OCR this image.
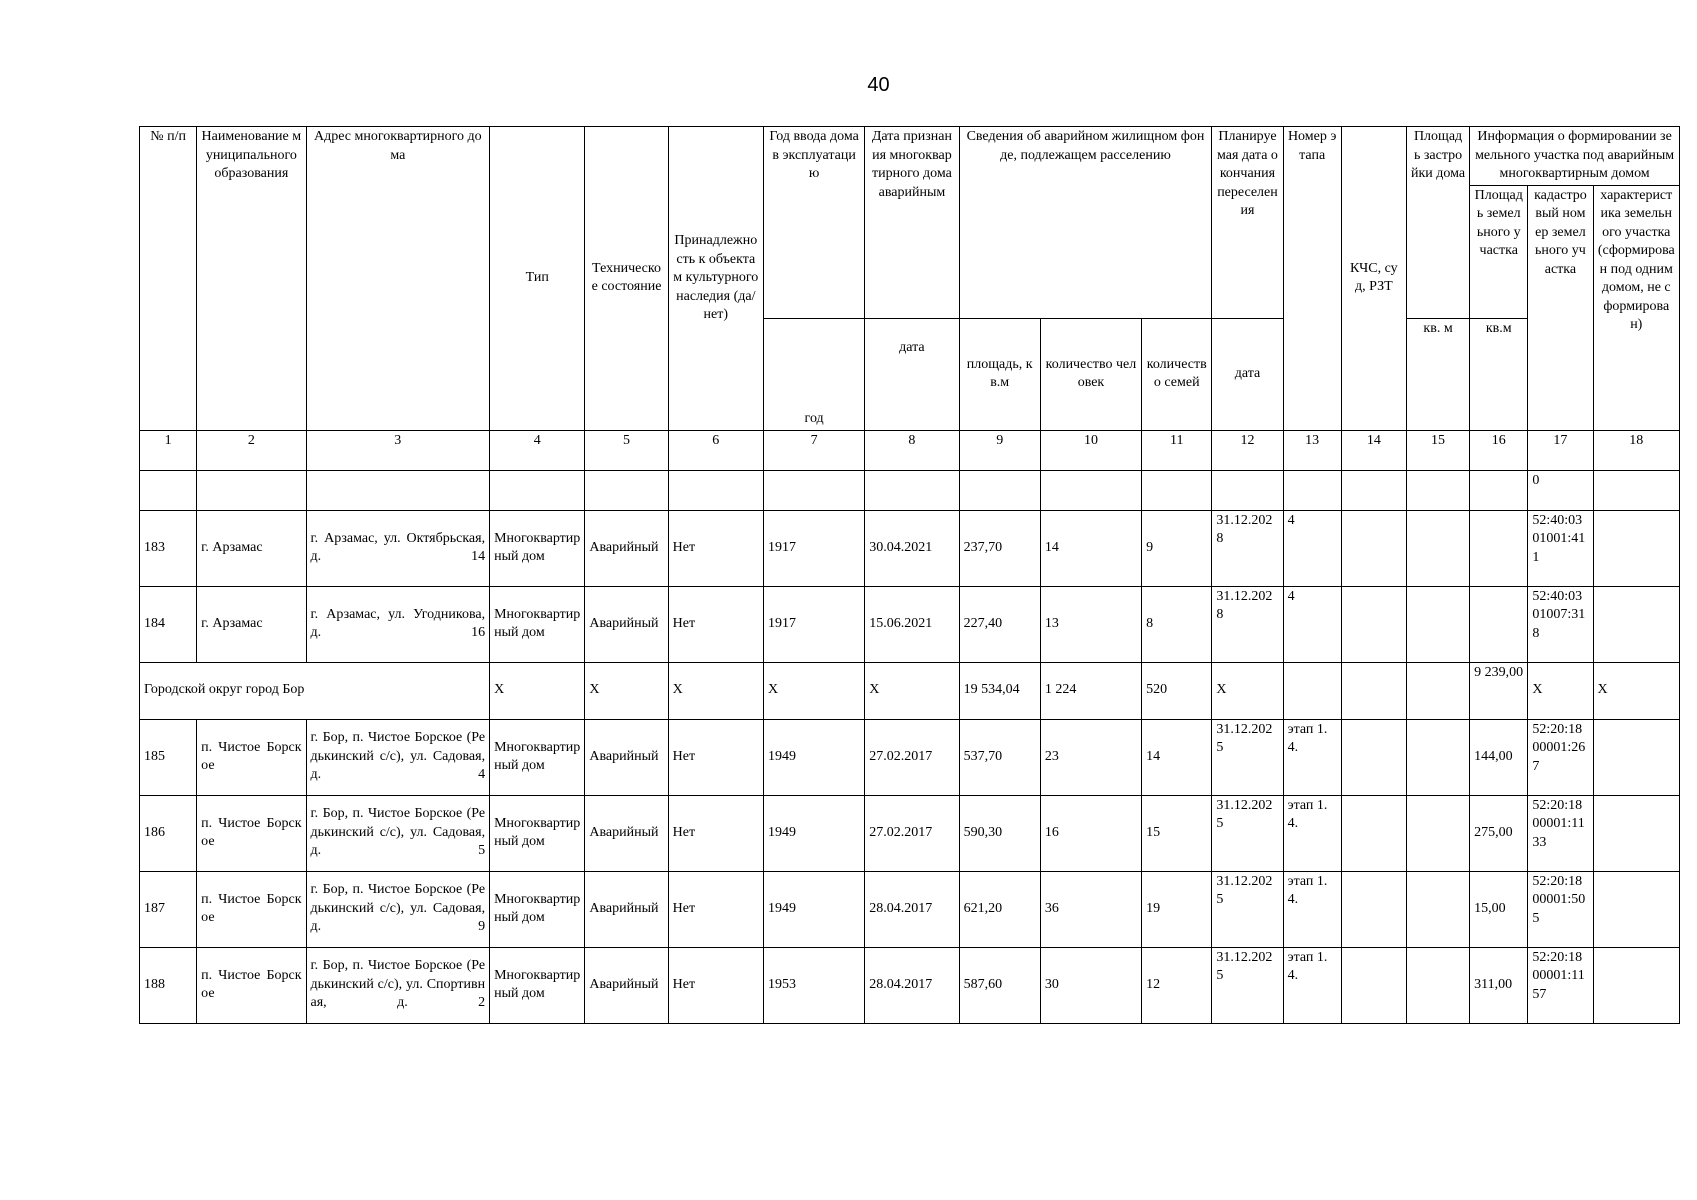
40
№ п/п	Наименование муниципального образования	Адрес многоквартирного дома	Тип	Техническое состояние	Принадлежность к объектам культурного наследия (да/нет)	Год ввода дома в эксплуатацию	Дата признания многоквартирного дома аварийным	Сведения об аварийном жилищном фонде, подлежащем расселению			Планируемая дата окончания переселения	Номер этапа	КЧС, суд, РЗТ	Площадь застройки дома	Информация о формировании земельного участка под аварийным многоквартирным домом		
															Площадь земельного участка	кадастровый номер земельного участка	характеристика земельного участка (сформирован под одним домом, не сформирован)
						год	дата	площадь, кв.м	количество человек	количество семей	дата			кв. м	кв.м		
1	2	3	4	5	6	7	8	9	10	11	12	13	14	15	16	17	18
																0	
183	г. Арзамас	г. Арзамас, ул. Октябрьская, д. 14	Многоквартирный дом	Аварийный	Нет	1917	30.04.2021	237,70	14	9	31.12.2028	4				52:40:0301001:411	
184	г. Арзамас	г. Арзамас, ул. Угодникова, д. 16	Многоквартирный дом	Аварийный	Нет	1917	15.06.2021	227,40	13	8	31.12.2028	4				52:40:0301007:318	
Городской округ город Бор			X	X	X	X	X	19 534,04	1 224	520	X				9 239,00	X	X
185	п. Чистое Борское	г. Бор, п. Чистое Борское (Редькинский с/с), ул. Садовая, д. 4	Многоквартирный дом	Аварийный	Нет	1949	27.02.2017	537,70	23	14	31.12.2025	этап 1.4.			144,00	52:20:1800001:267	
186	п. Чистое Борское	г. Бор, п. Чистое Борское (Редькинский с/с), ул. Садовая, д. 5	Многоквартирный дом	Аварийный	Нет	1949	27.02.2017	590,30	16	15	31.12.2025	этап 1.4.			275,00	52:20:1800001:1133	
187	п. Чистое Борское	г. Бор, п. Чистое Борское (Редькинский с/с), ул. Садовая, д. 9	Многоквартирный дом	Аварийный	Нет	1949	28.04.2017	621,20	36	19	31.12.2025	этап 1.4.			15,00	52:20:1800001:505	
188	п. Чистое Борское	г. Бор, п. Чистое Борское (Редькинский с/с), ул. Спортивная, д. 2	Многоквартирный дом	Аварийный	Нет	1953	28.04.2017	587,60	30	12	31.12.2025	этап 1.4.			311,00	52:20:1800001:1157	
